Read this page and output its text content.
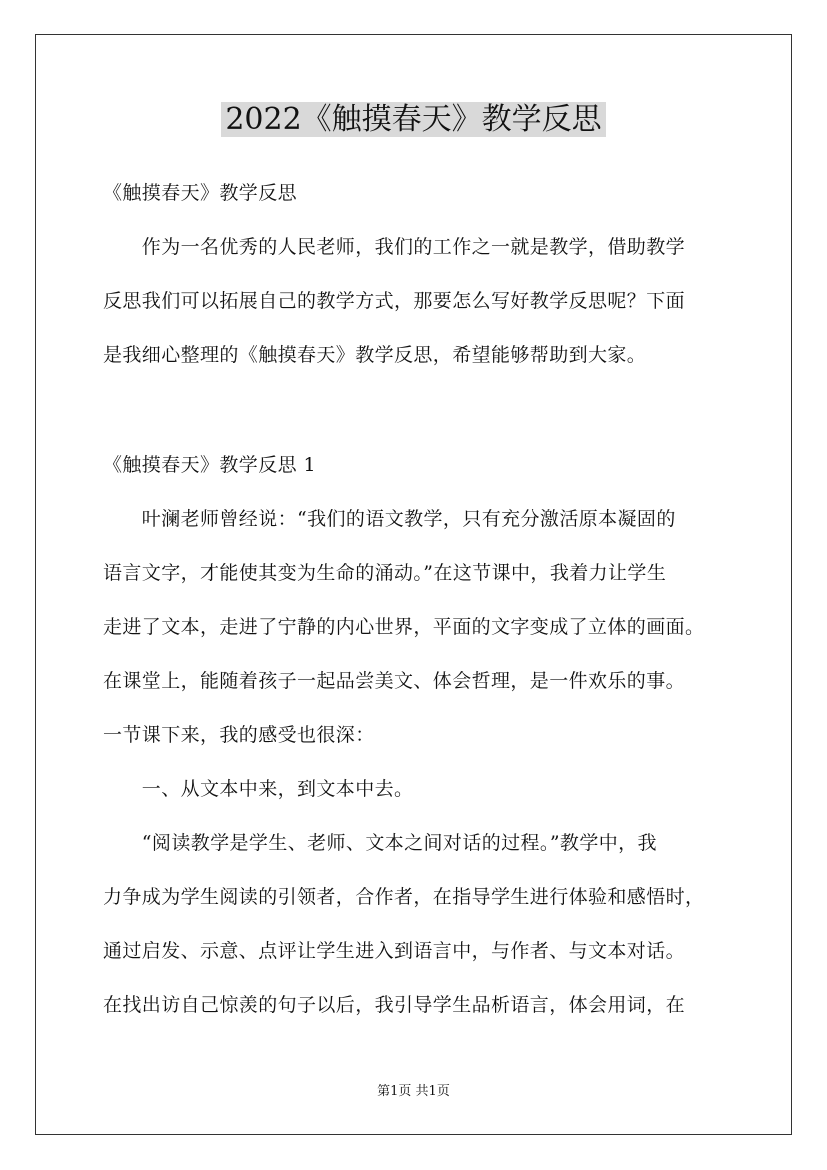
2022《触摸春天》教学反思
《触摸春天》教学反思
　　作为一名优秀的人民老师，我们的工作之一就是教学，借助教学
反思我们可以拓展自己的教学方式，那要怎么写好教学反思呢？下面
是我细心整理的《触摸春天》教学反思，希望能够帮助到大家。
《触摸春天》教学反思 1
　　叶澜老师曾经说：“我们的语文教学，只有充分激活原本凝固的
语言文字，才能使其变为生命的涌动。”在这节课中，我着力让学生
走进了文本，走进了宁静的内心世界，平面的文字变成了立体的画面。
在课堂上，能随着孩子一起品尝美文、体会哲理，是一件欢乐的事。
一节课下来，我的感受也很深：
　　一、从文本中来，到文本中去。
　　“阅读教学是学生、老师、文本之间对话的过程。”教学中，我
力争成为学生阅读的引领者，合作者，在指导学生进行体验和感悟时，
通过启发、示意、点评让学生进入到语言中，与作者、与文本对话。
在找出访自己惊羡的句子以后，我引导学生品析语言，体会用词，在
第1页 共1页
